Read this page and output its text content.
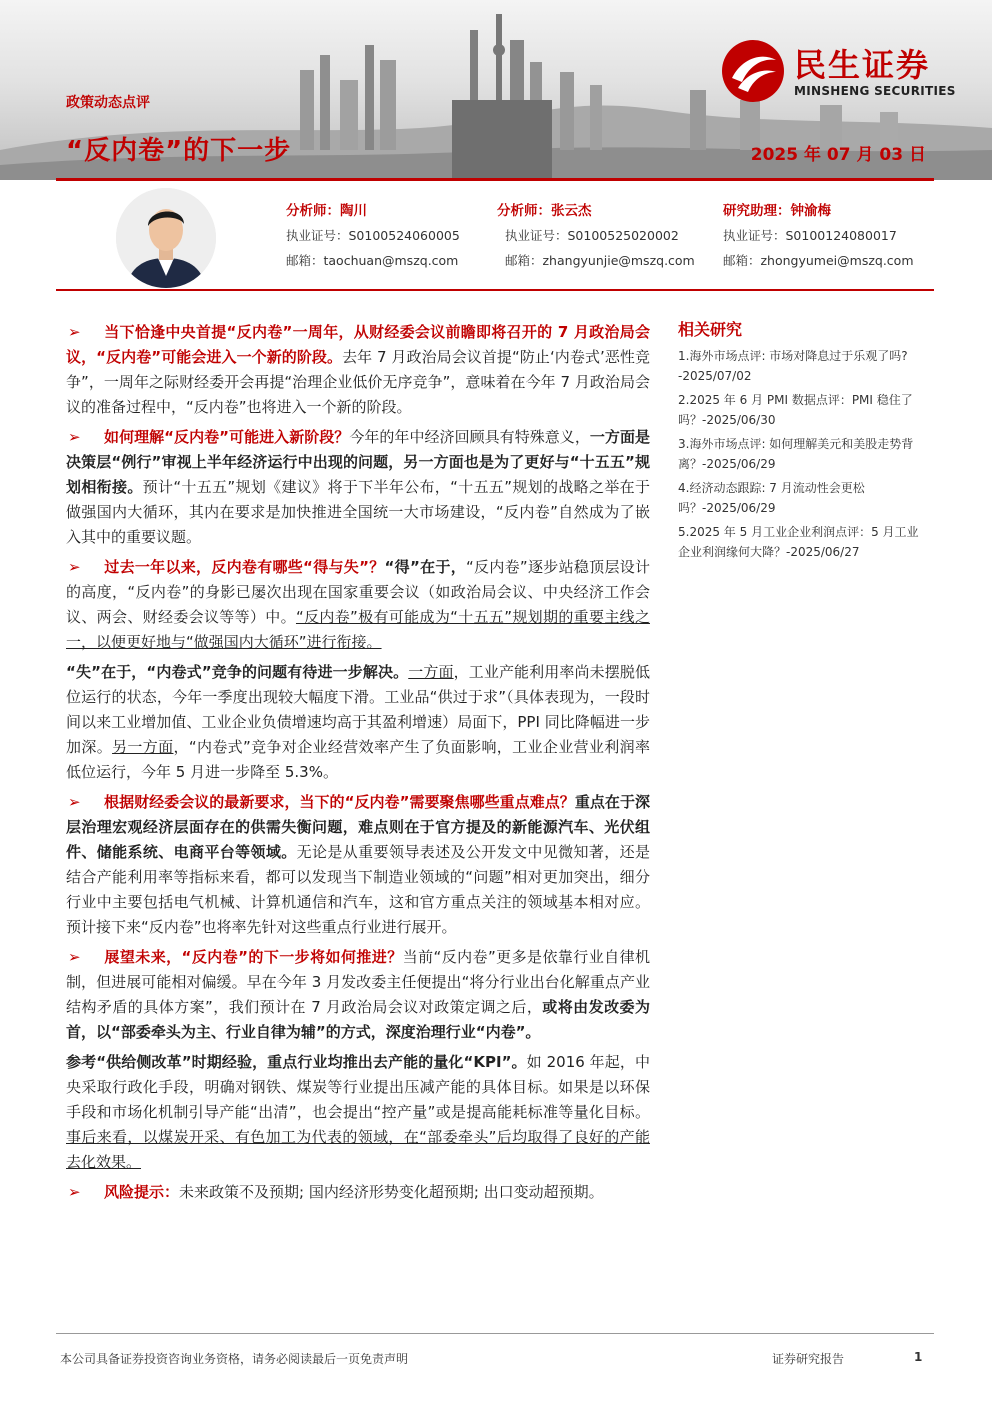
政策动态点评
“反内卷”的下一步	2025 年 07 月 03 日
民生证券
MINSHENG SECURITIES
分析师：陶川
执业证号：S0100524060005
邮箱：taochuan@mszq.com
分析师：张云杰
执业证号：S0100525020002
邮箱：zhangyunjie@mszq.com
研究助理：钟渝梅
执业证号：S0100124080017
邮箱：zhongyumei@mszq.com

➢ 当下恰逢中央首提“反内卷”一周年，从财经委会议前瞻即将召开的 7 月政治局会议，“反内卷”可能会进入一个新的阶段。去年 7 月政治局会议首提“防止‘内卷式’恶性竞争”，一周年之际财经委开会再提“治理企业低价无序竞争”，意味着在今年 7 月政治局会议的准备过程中，“反内卷”也将进入一个新的阶段。

➢ 如何理解“反内卷”可能进入新阶段？今年的年中经济回顾具有特殊意义，一方面是决策层“例行”审视上半年经济运行中出现的问题，另一方面也是为了更好与“十五五”规划相衔接。预计“十五五”规划《建议》将于下半年公布，“十五五”规划的战略之举在于做强国内大循环，其内在要求是加快推进全国统一大市场建设，“反内卷”自然成为了嵌入其中的重要议题。

➢ 过去一年以来，反内卷有哪些“得与失”？“得”在于，“反内卷”逐步站稳顶层设计的高度，“反内卷”的身影已屡次出现在国家重要会议（如政治局会议、中央经济工作会议、两会、财经委会议等等）中。“反内卷”极有可能成为“十五五”规划期的重要主线之一，以便更好地与“做强国内大循环”进行衔接。

“失”在于，“内卷式”竞争的问题有待进一步解决。一方面，工业产能利用率尚未摆脱低位运行的状态，今年一季度出现较大幅度下滑。工业品“供过于求”（具体表现为，一段时间以来工业增加值、工业企业负债增速均高于其盈利增速）局面下，PPI 同比降幅进一步加深。另一方面，“内卷式”竞争对企业经营效率产生了负面影响，工业企业营业利润率低位运行，今年 5 月进一步降至 5.3%。

➢ 根据财经委会议的最新要求，当下的“反内卷”需要聚焦哪些重点难点？重点在于深层治理宏观经济层面存在的供需失衡问题，难点则在于官方提及的新能源汽车、光伏组件、储能系统、电商平台等领域。无论是从重要领导表述及公开发文中见微知著，还是结合产能利用率等指标来看，都可以发现当下制造业领域的“问题”相对更加突出，细分行业中主要包括电气机械、计算机通信和汽车，这和官方重点关注的领域基本相对应。预计接下来“反内卷”也将率先针对这些重点行业进行展开。

➢ 展望未来，“反内卷”的下一步将如何推进？当前“反内卷”更多是依靠行业自律机制，但进展可能相对偏缓。早在今年 3 月发改委主任便提出“将分行业出台化解重点产业结构矛盾的具体方案”，我们预计在 7 月政治局会议对政策定调之后，或将由发改委为首，以“部委牵头为主、行业自律为辅”的方式，深度治理行业“内卷”。

参考“供给侧改革”时期经验，重点行业均推出去产能的量化“KPI”。如 2016 年起，中央采取行政化手段，明确对钢铁、煤炭等行业提出压减产能的具体目标。如果是以环保手段和市场化机制引导产能“出清”，也会提出“控产量”或是提高能耗标准等量化目标。事后来看，以煤炭开采、有色加工为代表的领域，在“部委牵头”后均取得了良好的产能去化效果。

➢ 风险提示：未来政策不及预期; 国内经济形势变化超预期; 出口变动超预期。

相关研究
1.海外市场点评: 市场对降息过于乐观了吗? -2025/07/02
2.2025 年 6 月 PMI 数据点评：PMI 稳住了吗？-2025/06/30
3.海外市场点评: 如何理解美元和美股走势背离？-2025/06/29
4.经济动态跟踪: 7 月流动性会更松吗？-2025/06/29
5.2025 年 5 月工业企业利润点评：5 月工业企业利润缘何大降？-2025/06/27
本公司具备证券投资咨询业务资格，请务必阅读最后一页免责声明	证券研究报告	1
